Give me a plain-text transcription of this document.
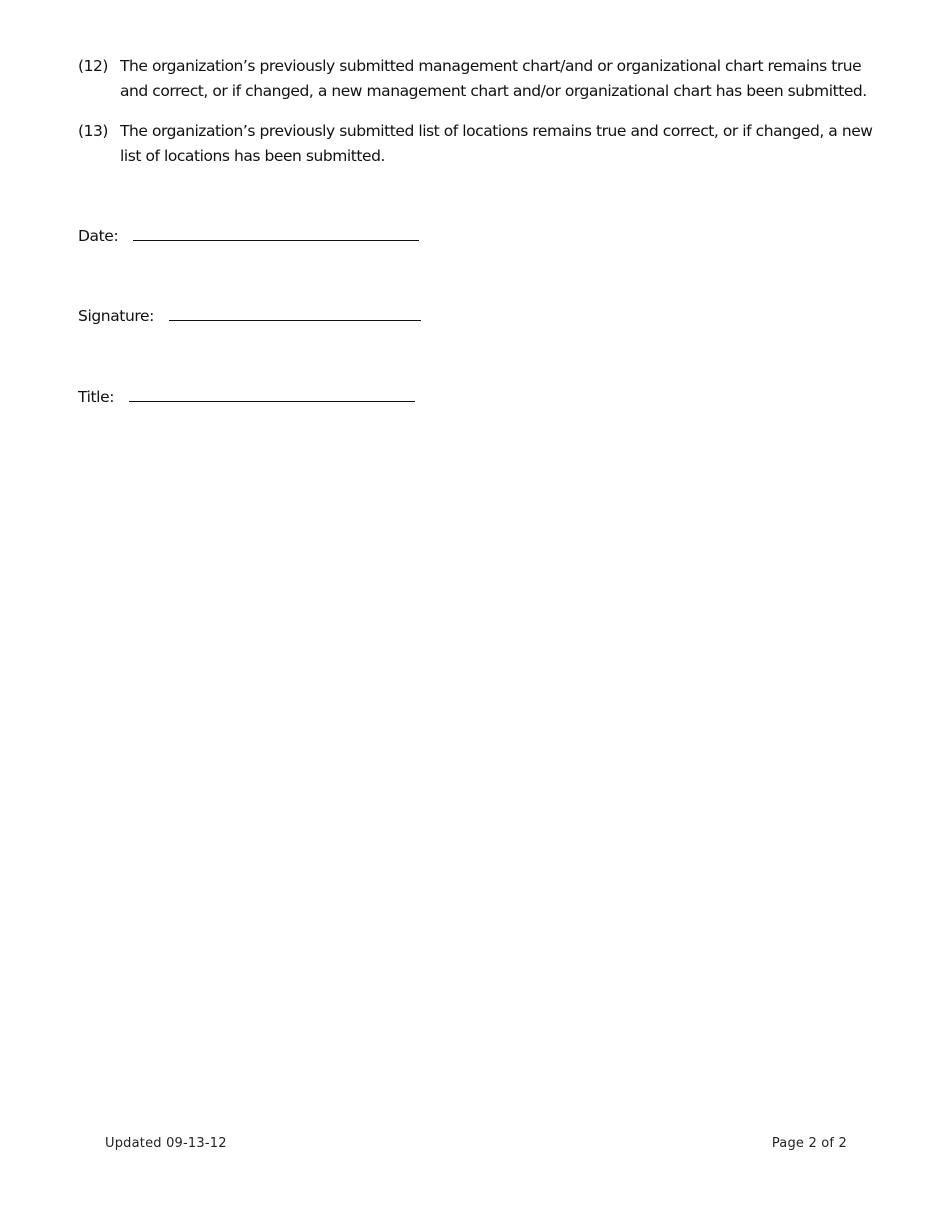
(12) The organization’s previously submitted management chart/and or organizational chart remains true and correct, or if changed, a new management chart and/or organizational chart has been submitted.
(13) The organization’s previously submitted list of locations remains true and correct, or if changed, a new list of locations has been submitted.
Date:
Signature:
Title:
Updated 09-13-12	Page 2 of 2
